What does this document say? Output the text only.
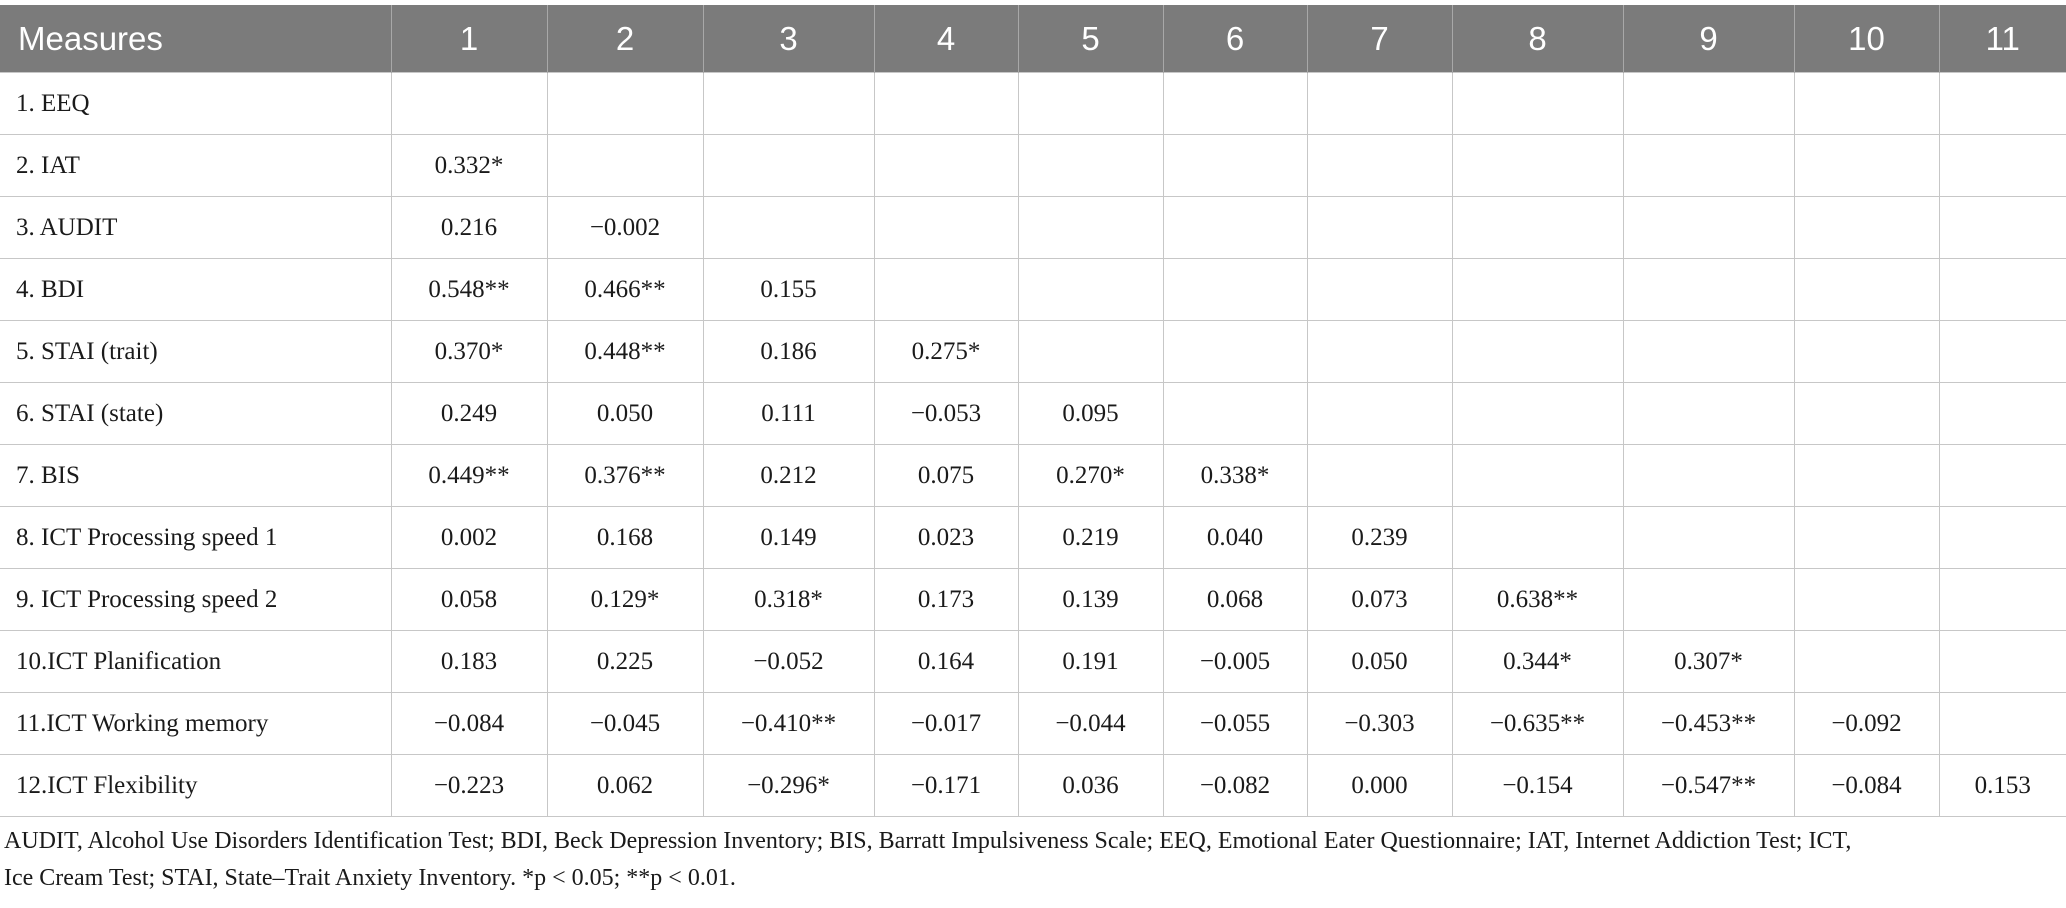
Measures	1	2	3	4	5	6	7	8	9	10	11
1. EEQ											
2. IAT	0.332*										
3. AUDIT	0.216	−0.002									
4. BDI	0.548**	0.466**	0.155								
5. STAI (trait)	0.370*	0.448**	0.186	0.275*							
6. STAI (state)	0.249	0.050	0.111	−0.053	0.095						
7. BIS	0.449**	0.376**	0.212	0.075	0.270*	0.338*					
8. ICT Processing speed 1	0.002	0.168	0.149	0.023	0.219	0.040	0.239				
9. ICT Processing speed 2	0.058	0.129*	0.318*	0.173	0.139	0.068	0.073	0.638**			
10.ICT Planification	0.183	0.225	−0.052	0.164	0.191	−0.005	0.050	0.344*	0.307*		
11.ICT Working memory	−0.084	−0.045	−0.410**	−0.017	−0.044	−0.055	−0.303	−0.635**	−0.453**	−0.092	
12.ICT Flexibility	−0.223	0.062	−0.296*	−0.171	0.036	−0.082	0.000	−0.154	−0.547**	−0.084	0.153
AUDIT, Alcohol Use Disorders Identification Test; BDI, Beck Depression Inventory; BIS, Barratt Impulsiveness Scale; EEQ, Emotional Eater Questionnaire; IAT, Internet Addiction Test; ICT,
Ice Cream Test; STAI, State–Trait Anxiety Inventory. *p < 0.05; **p < 0.01.
